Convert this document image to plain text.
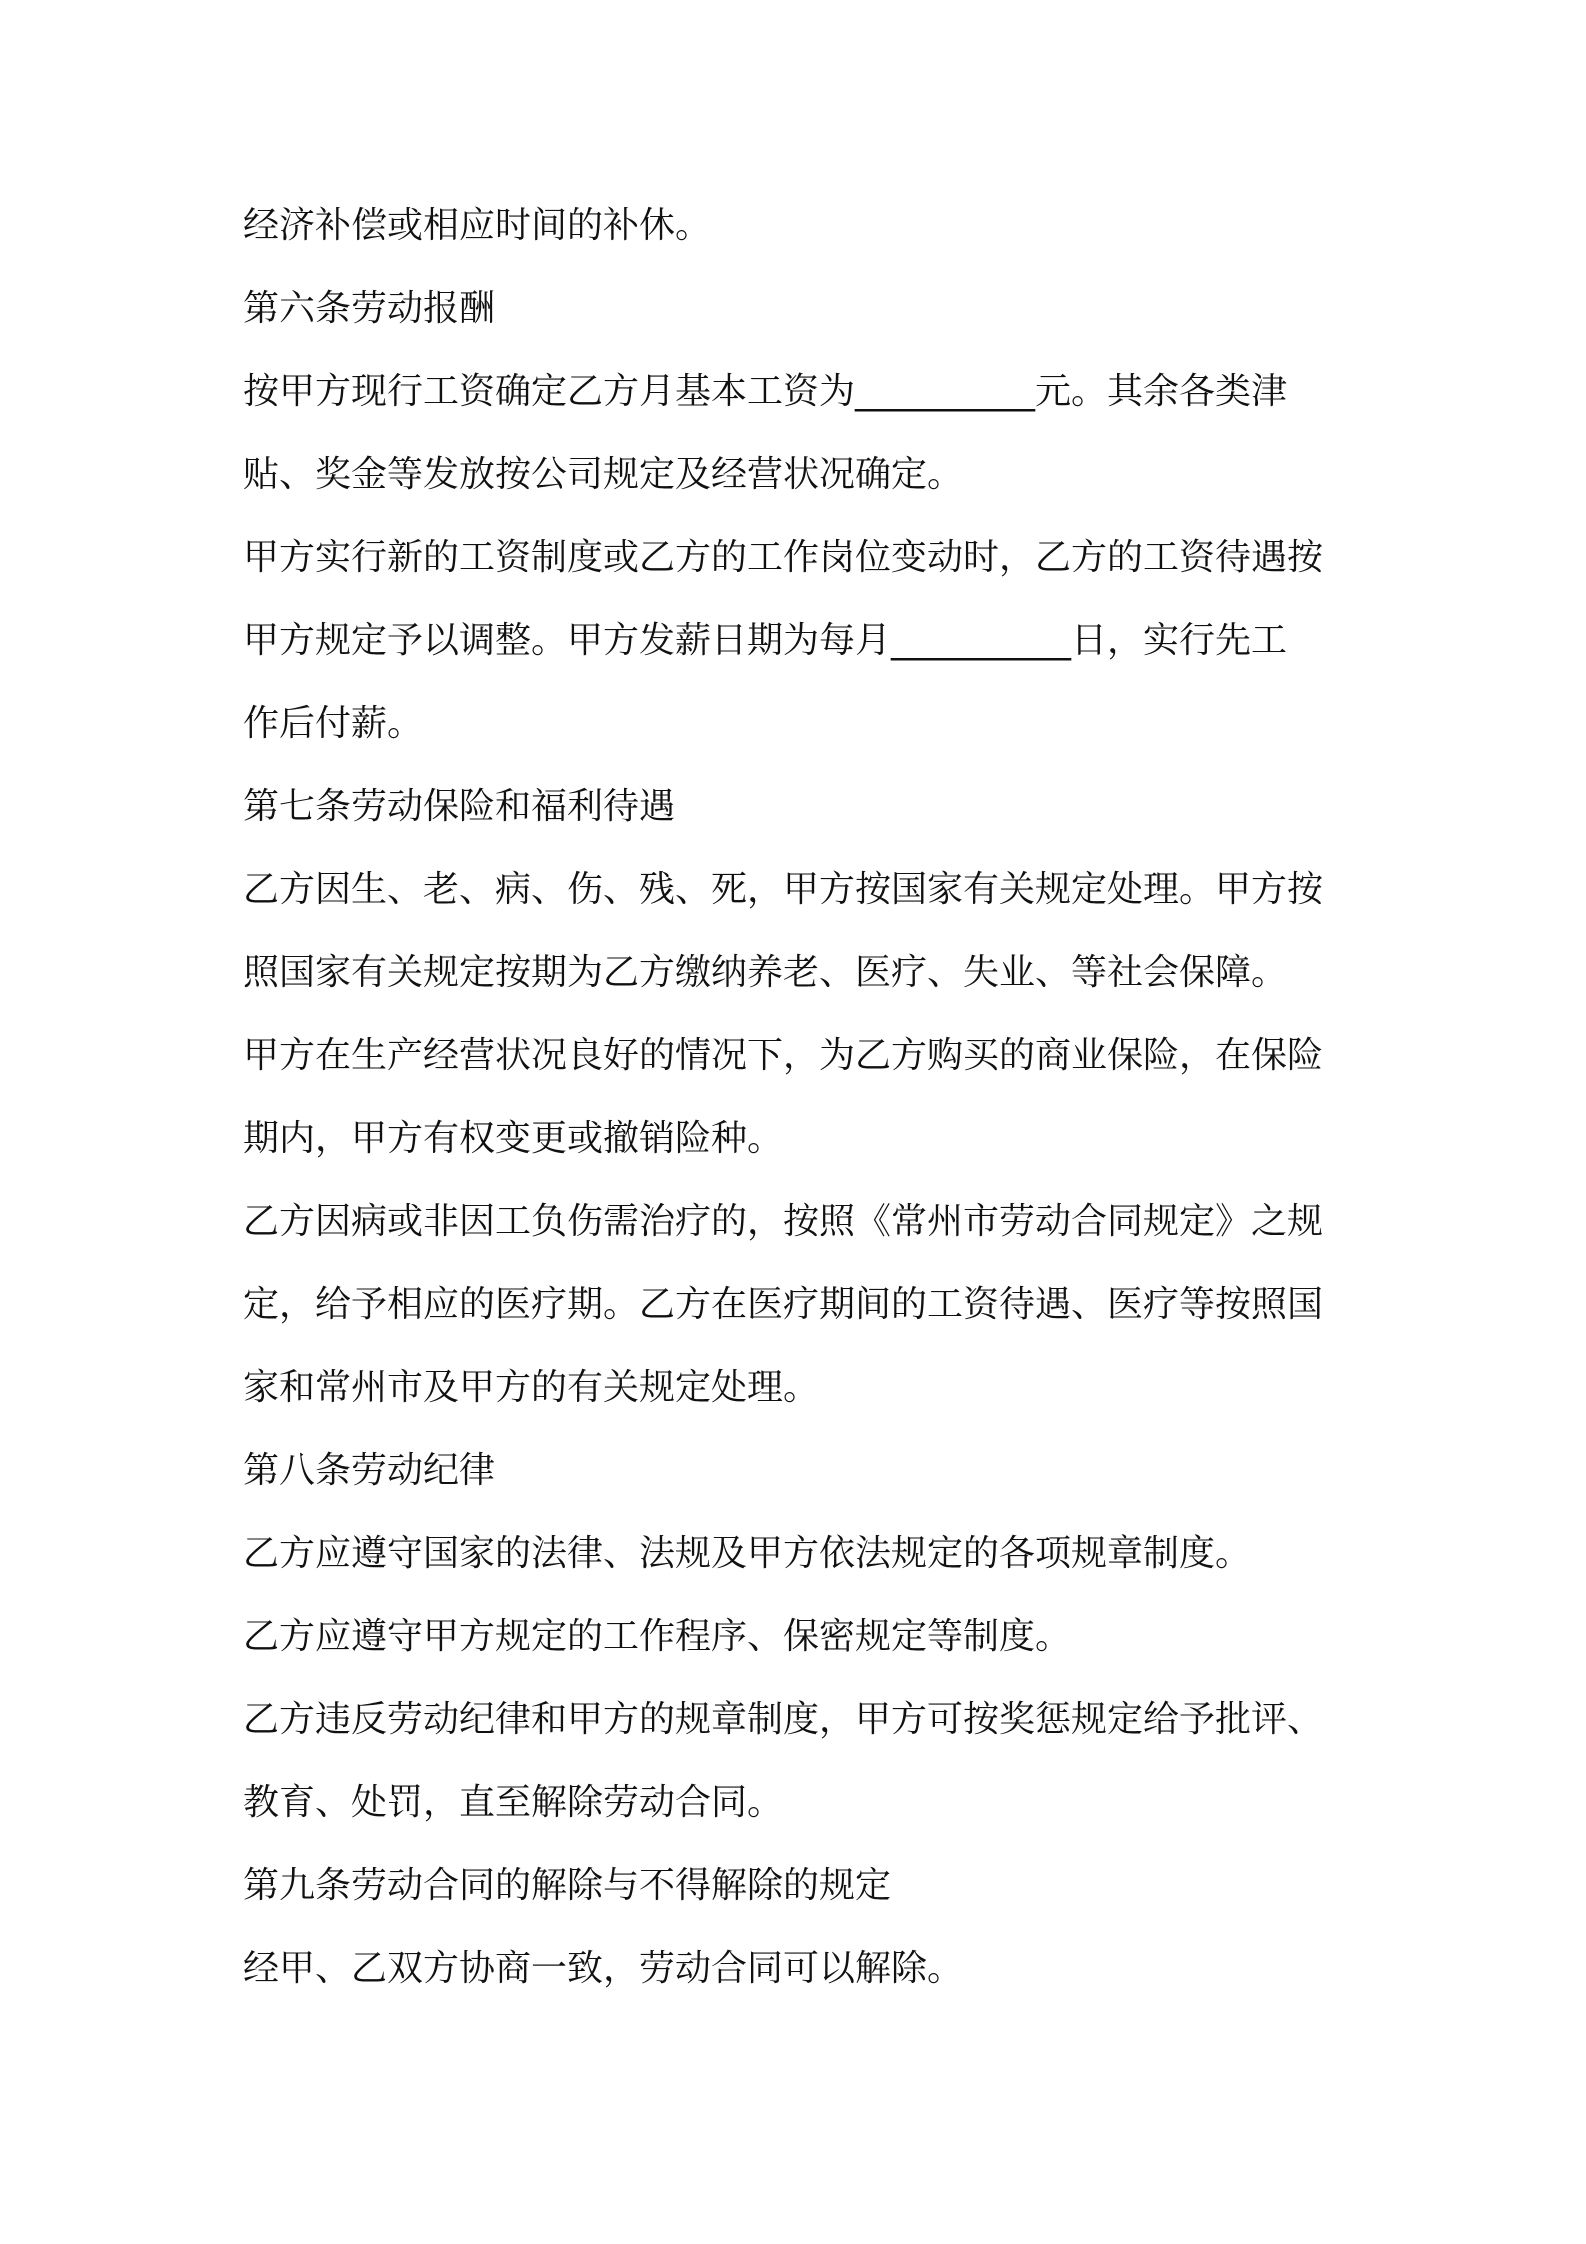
经济补偿或相应时间的补休。

第六条劳动报酬

按甲方现行工资确定乙方月基本工资为__________元。其余各类津

贴、奖金等发放按公司规定及经营状况确定。

甲方实行新的工资制度或乙方的工作岗位变动时，乙方的工资待遇按

甲方规定予以调整。甲方发薪日期为每月__________日，实行先工

作后付薪。

第七条劳动保险和福利待遇

乙方因生、老、病、伤、残、死，甲方按国家有关规定处理。甲方按

照国家有关规定按期为乙方缴纳养老、医疗、失业、等社会保障。

甲方在生产经营状况良好的情况下，为乙方购买的商业保险，在保险

期内，甲方有权变更或撤销险种。

乙方因病或非因工负伤需治疗的，按照《常州市劳动合同规定》之规

定，给予相应的医疗期。乙方在医疗期间的工资待遇、医疗等按照国

家和常州市及甲方的有关规定处理。

第八条劳动纪律

乙方应遵守国家的法律、法规及甲方依法规定的各项规章制度。

乙方应遵守甲方规定的工作程序、保密规定等制度。

乙方违反劳动纪律和甲方的规章制度，甲方可按奖惩规定给予批评、

教育、处罚，直至解除劳动合同。

第九条劳动合同的解除与不得解除的规定

经甲、乙双方协商一致，劳动合同可以解除。
